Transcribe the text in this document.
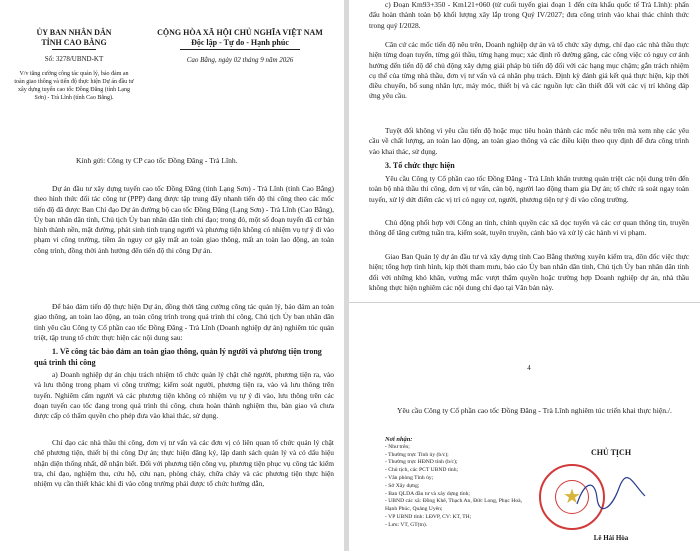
ỦY BAN NHÂN DÂN
TỈNH CAO BẰNG
Số: 3278/UBND-KT
V/v tăng cường công tác quản lý, bảo đảm an toàn giao thông và tiến độ thực hiện Dự án đầu tư xây dựng tuyến cao tốc Đồng Đăng (tỉnh Lạng Sơn) - Trà Lĩnh (tỉnh Cao Bằng).
CỘNG HÒA XÃ HỘI CHỦ NGHĨA VIỆT NAM
Độc lập - Tự do - Hạnh phúc
Cao Bằng, ngày 02 tháng 9 năm 2026
Kính gửi: Công ty CP cao tốc Đồng Đăng - Trà Lĩnh.
Dự án đầu tư xây dựng tuyến cao tốc Đồng Đăng (tỉnh Lạng Sơn) - Trà Lĩnh (tỉnh Cao Bằng) theo hình thức đối tác công tư (PPP) đang được tập trung đẩy nhanh tiến độ thi công theo các mốc tiến độ đã được Ban Chỉ đạo Dự án đường bộ cao tốc Đồng Đăng (Lạng Sơn) - Trà Lĩnh (Cao Bằng), Ủy ban nhân dân tỉnh, Chủ tịch Ủy ban nhân dân tỉnh chỉ đạo; trong đó, một số đoạn tuyến đã cơ bản hình thành nền, mặt đường, phát sinh tình trạng người và phương tiện không có nhiệm vụ tự ý đi vào phạm vi công trường, tiềm ẩn nguy cơ gây mất an toàn giao thông, mất an toàn lao động, an toàn công trình, đồng thời ảnh hưởng đến tiến độ thi công Dự án.
Để bảo đảm tiến độ thực hiện Dự án, đồng thời tăng cường công tác quản lý, bảo đảm an toàn giao thông, an toàn lao động, an toàn công trình trong quá trình thi công, Chủ tịch Ủy ban nhân dân tỉnh yêu cầu Công ty Cổ phần cao tốc Đồng Đăng - Trà Lĩnh (Doanh nghiệp dự án) nghiêm túc quán triệt, tập trung tổ chức thực hiện các nội dung sau:
1. Về công tác bảo đảm an toàn giao thông, quản lý người và phương tiện trong quá trình thi công
a) Doanh nghiệp dự án chịu trách nhiệm tổ chức quản lý chặt chẽ người, phương tiện ra, vào và lưu thông trong phạm vi công trường; kiểm soát người, phương tiện ra, vào và lưu thông trên tuyến. Nghiêm cấm người và các phương tiện không có nhiệm vụ tự ý đi vào, lưu thông trên các đoạn tuyến cao tốc đang trong quá trình thi công, chưa hoàn thành nghiệm thu, bàn giao và chưa được cấp có thẩm quyền cho phép đưa vào khai thác, sử dụng.
Chỉ đạo các nhà thầu thi công, đơn vị tư vấn và các đơn vị có liên quan tổ chức quản lý chặt chẽ phương tiện, thiết bị thi công Dự án; thực hiện đăng ký, lập danh sách quản lý và có dấu hiệu nhận diện thống nhất, dễ nhận biết. Đối với phương tiện công vụ, phương tiện phục vụ công tác kiểm tra, chỉ đạo, nghiệm thu, cứu hộ, cứu nạn, phòng cháy, chữa cháy và các phương tiện thực hiện nhiệm vụ cần thiết khác khi đi vào công trường phải được tổ chức hướng dẫn,
c) Đoạn Km93+350 - Km121+060 (từ cuối tuyến giai đoạn 1 đến cửa khẩu quốc tế Trà Lĩnh): phấn đấu hoàn thành toàn bộ khối lượng xây lắp trong Quý IV/2027; đưa công trình vào khai thác chính thức trong quý I/2028.
Căn cứ các mốc tiến độ nêu trên, Doanh nghiệp dự án và tổ chức xây dựng, chỉ đạo các nhà thầu thực hiện từng đoạn tuyến, từng gói thầu, từng hạng mục; xác định rõ đường găng, các công việc có nguy cơ ảnh hưởng đến tiến độ để chủ động xây dựng giải pháp bù tiến độ đối với các hạng mục chậm; gắn trách nhiệm cụ thể của từng nhà thầu, đơn vị tư vấn và cá nhân phụ trách. Định kỳ đánh giá kết quả thực hiện, kịp thời điều chuyển, bổ sung nhân lực, máy móc, thiết bị và các nguồn lực cần thiết đối với các vị trí không đáp ứng yêu cầu.
Tuyệt đối không vì yêu cầu tiến độ hoặc mục tiêu hoàn thành các mốc nêu trên mà xem nhẹ các yêu cầu về chất lượng, an toàn lao động, an toàn giao thông và các điều kiện theo quy định để đưa công trình vào khai thác, sử dụng.
3. Tổ chức thực hiện
Yêu cầu Công ty Cổ phần cao tốc Đồng Đăng - Trà Lĩnh khẩn trương quán triệt các nội dung trên đến toàn bộ nhà thầu thi công, đơn vị tư vấn, cán bộ, người lao động tham gia Dự án; tổ chức rà soát ngay toàn tuyến, xử lý dứt điểm các vị trí có nguy cơ, người, phương tiện tự ý đi vào công trường.
Chủ động phối hợp với Công an tỉnh, chính quyền các xã dọc tuyến và các cơ quan thông tin, truyền thông để tăng cường tuần tra, kiểm soát, tuyên truyền, cảnh báo và xử lý các hành vi vi phạm.
Giao Ban Quản lý dự án đầu tư và xây dựng tỉnh Cao Bằng thường xuyên kiểm tra, đôn đốc việc thực hiện; tổng hợp tình hình, kịp thời tham mưu, báo cáo Ủy ban nhân dân tỉnh, Chủ tịch Ủy ban nhân dân tỉnh đối với những khó khăn, vướng mắc vượt thẩm quyền hoặc trường hợp Doanh nghiệp dự án, nhà thầu không thực hiện nghiêm các nội dung chỉ đạo tại Văn bản này.
4
Yêu cầu Công ty Cổ phần cao tốc Đồng Đăng - Trà Lĩnh nghiêm túc triển khai thực hiện./.
Nơi nhận:
- Như trên;
- Thường trực Tỉnh ủy (b/c);
- Thường trực HĐND tỉnh (b/c);
- Chủ tịch, các PCT UBND tỉnh;
- Văn phòng Tỉnh ủy;
- Sở Xây dựng;
- Ban QLDA đầu tư và xây dựng tỉnh;
- UBND các xã: Đồng Khê, Thạch An, Đức Long, Phục Hoà, Hạnh Phúc, Quảng Uyên;
- VP UBND tỉnh: LĐVP, CV: KT, TH;
- Lưu: VT, GT(tn).
CHỦ TỊCH
★
Lê Hải Hòa
